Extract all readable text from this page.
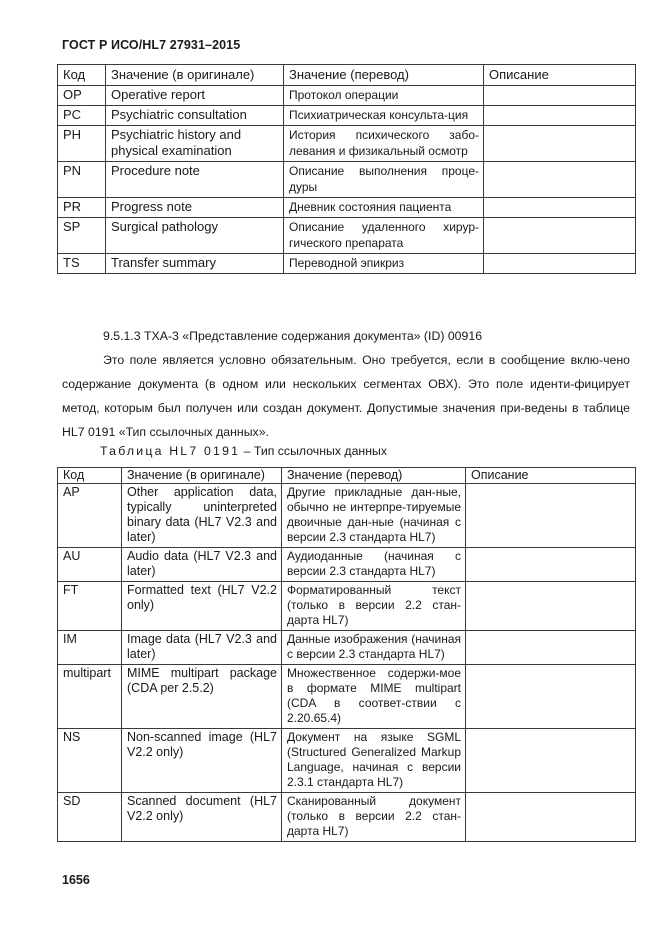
ГОСТ Р ИСО/HL7 27931–2015
Код	Значение (в оригинале)	Значение (перевод)	Описание
OP	Operative report	Протокол операции	
PC	Psychiatric consultation	Психиатрическая консульта-ция	
PH	Psychiatric history and physical examination	История психического забо-левания и физикальный осмотр	
PN	Procedure note	Описание выполнения проце-дуры	
PR	Progress note	Дневник состояния пациента	
SP	Surgical pathology	Описание удаленного хирур-гического препарата	
TS	Transfer summary	Переводной эпикриз	
9.5.1.3 ТХА-3 «Представление содержания документа» (ID) 00916
Это поле является условно обязательным. Оно требуется, если в сообщение вклю-чено содержание документа (в одном или нескольких сегментах ОВХ). Это поле иденти-фицирует метод, которым был получен или создан документ. Допустимые значения при-ведены в таблице HL7 0191 «Тип ссылочных данных».
Таблица HL7 0191 – Тип ссылочных данных
Код	Значение (в оригинале)	Значение (перевод)	Описание
AP	Other application data, typically uninterpreted binary data (HL7 V2.3 and later)	Другие прикладные дан-ные, обычно не интерпре-тируемые двоичные дан-ные (начиная с версии 2.3 стандарта HL7)	
AU	Audio data (HL7 V2.3 and later)	Аудиоданные (начиная с версии 2.3 стандарта HL7)	
FT	Formatted text (HL7 V2.2 only)	Форматированный текст (только в версии 2.2 стан-дарта HL7)	
IM	Image data (HL7 V2.3 and later)	Данные изображения (начиная с версии 2.3 стандарта HL7)	
multipart	MIME multipart package (CDA per 2.5.2)	Множественное содержи-мое в формате MIME multipart (CDA в соответ-ствии с 2.20.65.4)	
NS	Non-scanned image (HL7 V2.2 only)	Документ на языке SGML (Structured Generalized Markup Language, начиная с версии 2.3.1 стандарта HL7)	
SD	Scanned document (HL7 V2.2 only)	Сканированный документ (только в версии 2.2 стан-дарта HL7)	
1656
